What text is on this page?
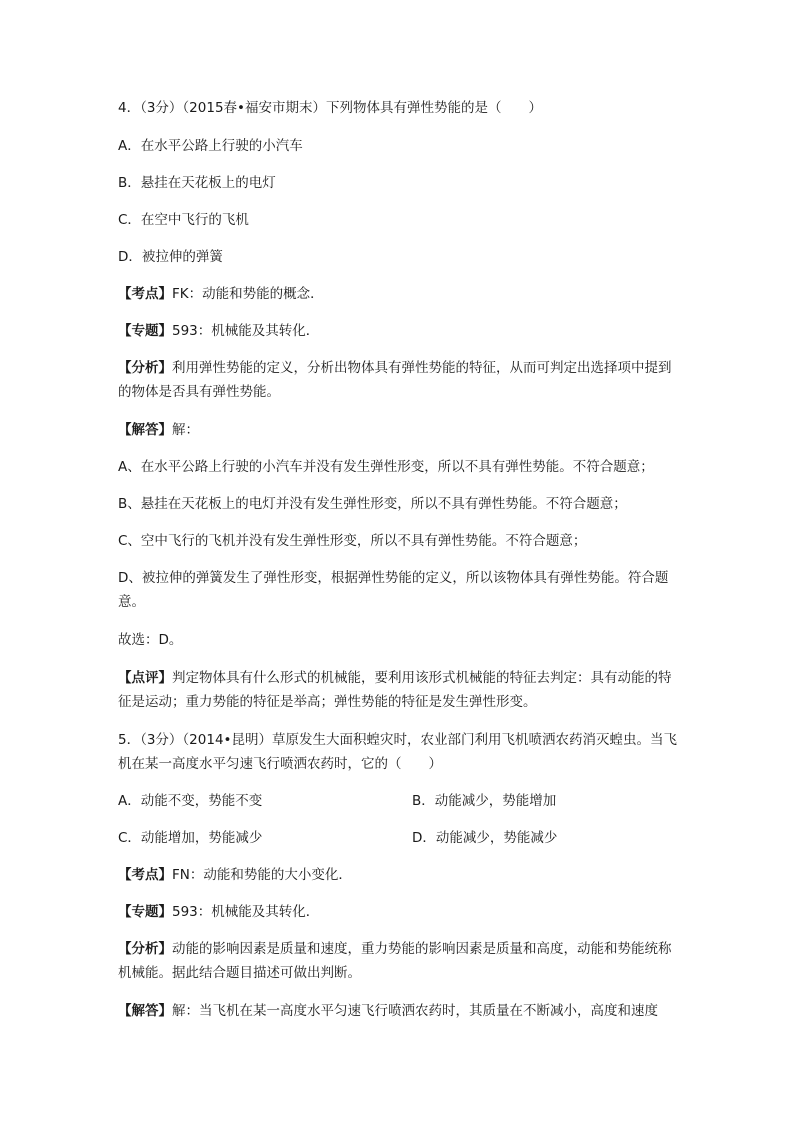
4．（3分）（2015春•福安市期末）下列物体具有弹性势能的是（　　）
A．在水平公路上行驶的小汽车
B．悬挂在天花板上的电灯
C．在空中飞行的飞机
D．被拉伸的弹簧
【考点】FK：动能和势能的概念．
【专题】593：机械能及其转化．
【分析】利用弹性势能的定义，分析出物体具有弹性势能的特征，从而可判定出选择项中提到的物体是否具有弹性势能。
【解答】解：
A、在水平公路上行驶的小汽车并没有发生弹性形变，所以不具有弹性势能。不符合题意；
B、悬挂在天花板上的电灯并没有发生弹性形变，所以不具有弹性势能。不符合题意；
C、空中飞行的飞机并没有发生弹性形变，所以不具有弹性势能。不符合题意；
D、被拉伸的弹簧发生了弹性形变，根据弹性势能的定义，所以该物体具有弹性势能。符合题意。
故选：D。
【点评】判定物体具有什么形式的机械能，要利用该形式机械能的特征去判定：具有动能的特征是运动；重力势能的特征是举高；弹性势能的特征是发生弹性形变。
5．（3分）（2014•昆明）草原发生大面积蝗灾时，农业部门利用飞机喷洒农药消灭蝗虫。当飞机在某一高度水平匀速飞行喷洒农药时，它的（　　）
A．动能不变，势能不变	B．动能减少，势能增加
C．动能增加，势能减少	D．动能减少，势能减少
【考点】FN：动能和势能的大小变化．
【专题】593：机械能及其转化．
【分析】动能的影响因素是质量和速度，重力势能的影响因素是质量和高度，动能和势能统称机械能。据此结合题目描述可做出判断。
【解答】解：当飞机在某一高度水平匀速飞行喷洒农药时，其质量在不断减小，高度和速度
